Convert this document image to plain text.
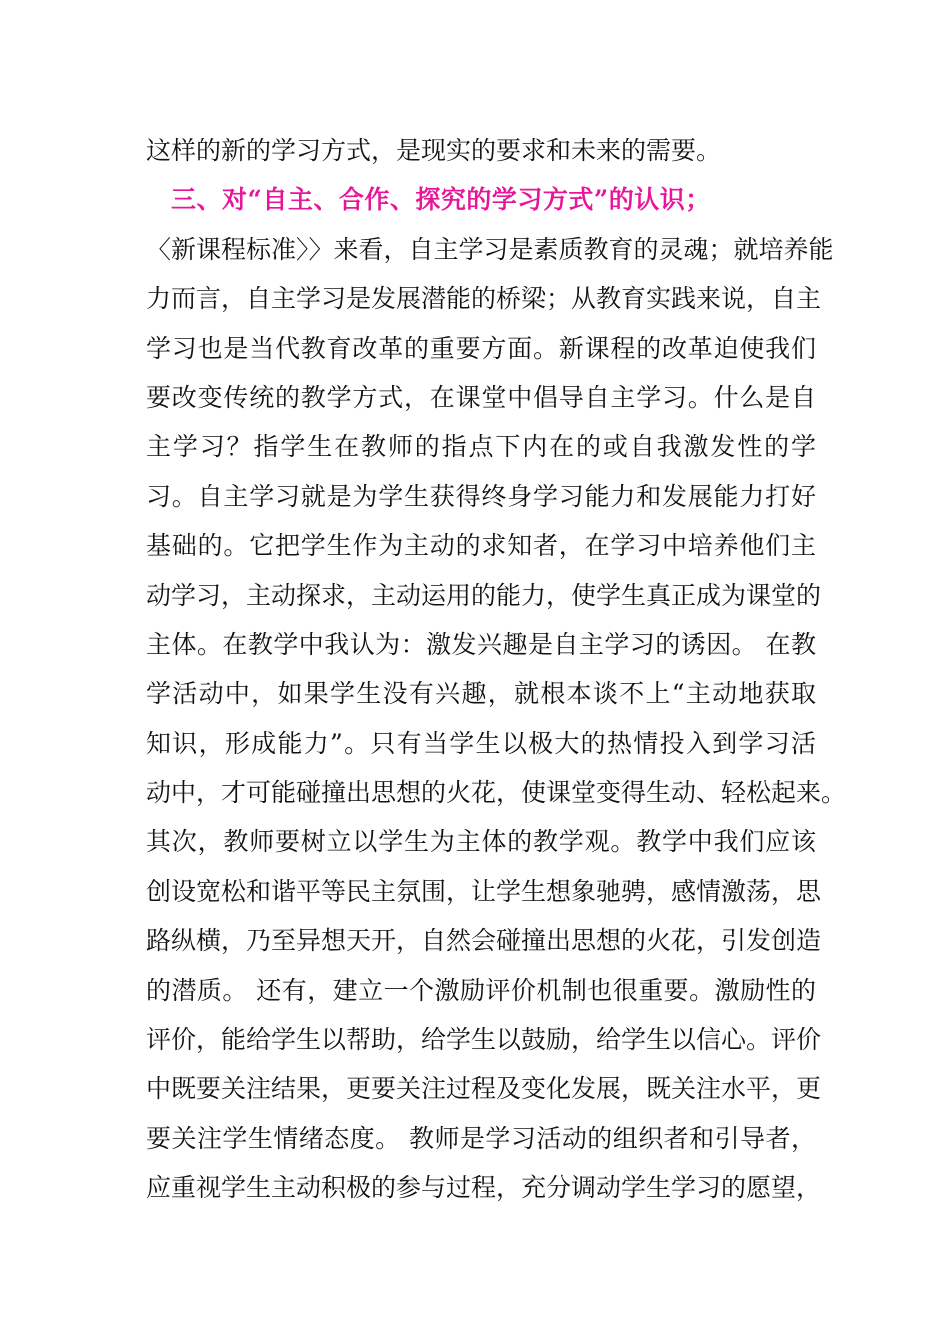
这样的新的学习方式，是现实的要求和未来的需要。
三、对“自主、合作、探究的学习方式”的认识；
〈新课程标准〉〉来看，自主学习是素质教育的灵魂；就培养能
力而言，自主学习是发展潜能的桥梁；从教育实践来说，自主
学习也是当代教育改革的重要方面。新课程的改革迫使我们
要改变传统的教学方式，在课堂中倡导自主学习。什么是自
主学习？指学生在教师的指点下内在的或自我激发性的学
习。自主学习就是为学生获得终身学习能力和发展能力打好
基础的。它把学生作为主动的求知者，在学习中培养他们主
动学习，主动探求，主动运用的能力，使学生真正成为课堂的
主体。在教学中我认为：激发兴趣是自主学习的诱因。 在教
学活动中，如果学生没有兴趣，就根本谈不上“主动地获取
知识，形成能力”。只有当学生以极大的热情投入到学习活
动中，才可能碰撞出思想的火花，使课堂变得生动、轻松起来。
其次，教师要树立以学生为主体的教学观。教学中我们应该
创设宽松和谐平等民主氛围，让学生想象驰骋，感情激荡，思
路纵横，乃至异想天开，自然会碰撞出思想的火花，引发创造
的潜质。 还有，建立一个激励评价机制也很重要。激励性的
评价，能给学生以帮助，给学生以鼓励，给学生以信心。评价
中既要关注结果，更要关注过程及变化发展，既关注水平，更
要关注学生情绪态度。 教师是学习活动的组织者和引导者，
应重视学生主动积极的参与过程，充分调动学生学习的愿望，
